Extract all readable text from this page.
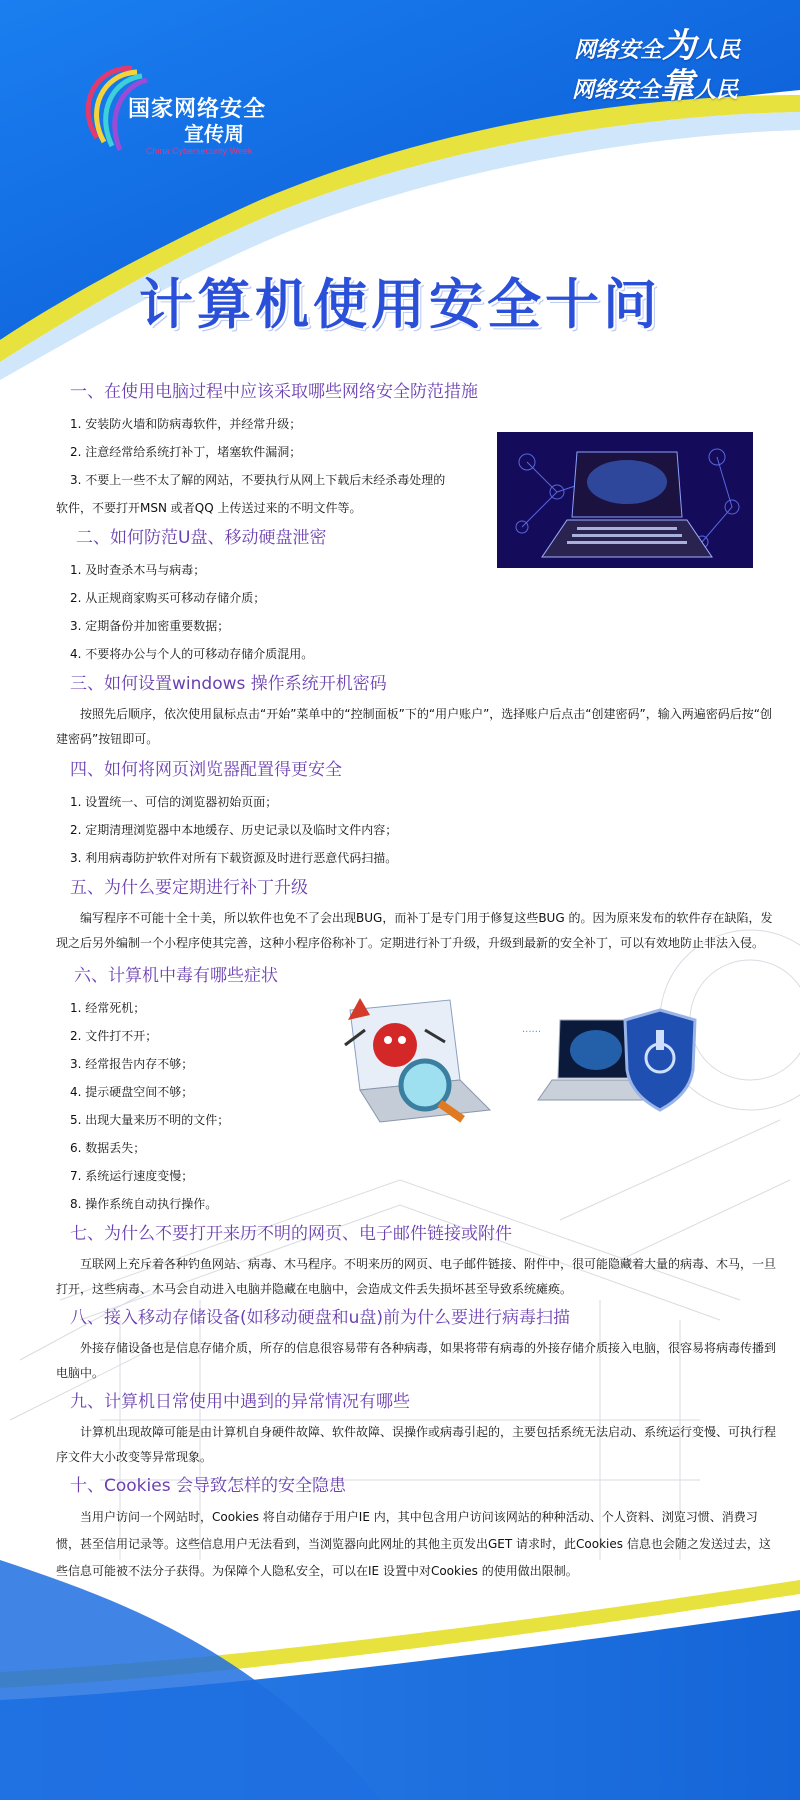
国家网络安全
宣传周
China Cybersecurity Week
网络安全为人民
网络安全靠人民
计算机使用安全十问
......
一、在使用电脑过程中应该采取哪些网络安全防范措施
1. 安装防火墙和防病毒软件，并经常升级；
2. 注意经常给系统打补丁，堵塞软件漏洞；
3. 不要上一些不太了解的网站，不要执行从网上下载后未经杀毒处理的
软件，不要打开MSN 或者QQ 上传送过来的不明文件等。
二、如何防范U盘、移动硬盘泄密
1. 及时查杀木马与病毒；
2. 从正规商家购买可移动存储介质；
3. 定期备份并加密重要数据；
4. 不要将办公与个人的可移动存储介质混用。
三、如何设置windows 操作系统开机密码
按照先后顺序，依次使用鼠标点击“开始”菜单中的“控制面板”下的“用户账户”，选择账户后点击“创建密码”，输入两遍密码后按“创建密码”按钮即可。
四、如何将网页浏览器配置得更安全
1. 设置统一、可信的浏览器初始页面；
2. 定期清理浏览器中本地缓存、历史记录以及临时文件内容；
3. 利用病毒防护软件对所有下载资源及时进行恶意代码扫描。
五、为什么要定期进行补丁升级
编写程序不可能十全十美，所以软件也免不了会出现BUG，而补丁是专门用于修复这些BUG 的。因为原来发布的软件存在缺陷，发现之后另外编制一个小程序使其完善，这种小程序俗称补丁。定期进行补丁升级，升级到最新的安全补丁，可以有效地防止非法入侵。
六、计算机中毒有哪些症状
1. 经常死机；
2. 文件打不开；
3. 经常报告内存不够；
4. 提示硬盘空间不够；
5. 出现大量来历不明的文件；
6. 数据丢失；
7. 系统运行速度变慢；
8. 操作系统自动执行操作。
七、为什么不要打开来历不明的网页、电子邮件链接或附件
互联网上充斥着各种钓鱼网站、病毒、木马程序。不明来历的网页、电子邮件链接、附件中，很可能隐藏着大量的病毒、木马，一旦打开，这些病毒、木马会自动进入电脑并隐藏在电脑中，会造成文件丢失损坏甚至导致系统瘫痪。
八、接入移动存储设备(如移动硬盘和u盘)前为什么要进行病毒扫描
外接存储设备也是信息存储介质，所存的信息很容易带有各种病毒，如果将带有病毒的外接存储介质接入电脑，很容易将病毒传播到电脑中。
九、计算机日常使用中遇到的异常情况有哪些
计算机出现故障可能是由计算机自身硬件故障、软件故障、误操作或病毒引起的，主要包括系统无法启动、系统运行变慢、可执行程序文件大小改变等异常现象。
十、Cookies 会导致怎样的安全隐患
当用户访问一个网站时，Cookies 将自动储存于用户IE 内，其中包含用户访问该网站的种种活动、个人资料、浏览习惯、消费习惯，甚至信用记录等。这些信息用户无法看到，当浏览器向此网址的其他主页发出GET 请求时，此Cookies 信息也会随之发送过去，这些信息可能被不法分子获得。为保障个人隐私安全，可以在IE 设置中对Cookies 的使用做出限制。
